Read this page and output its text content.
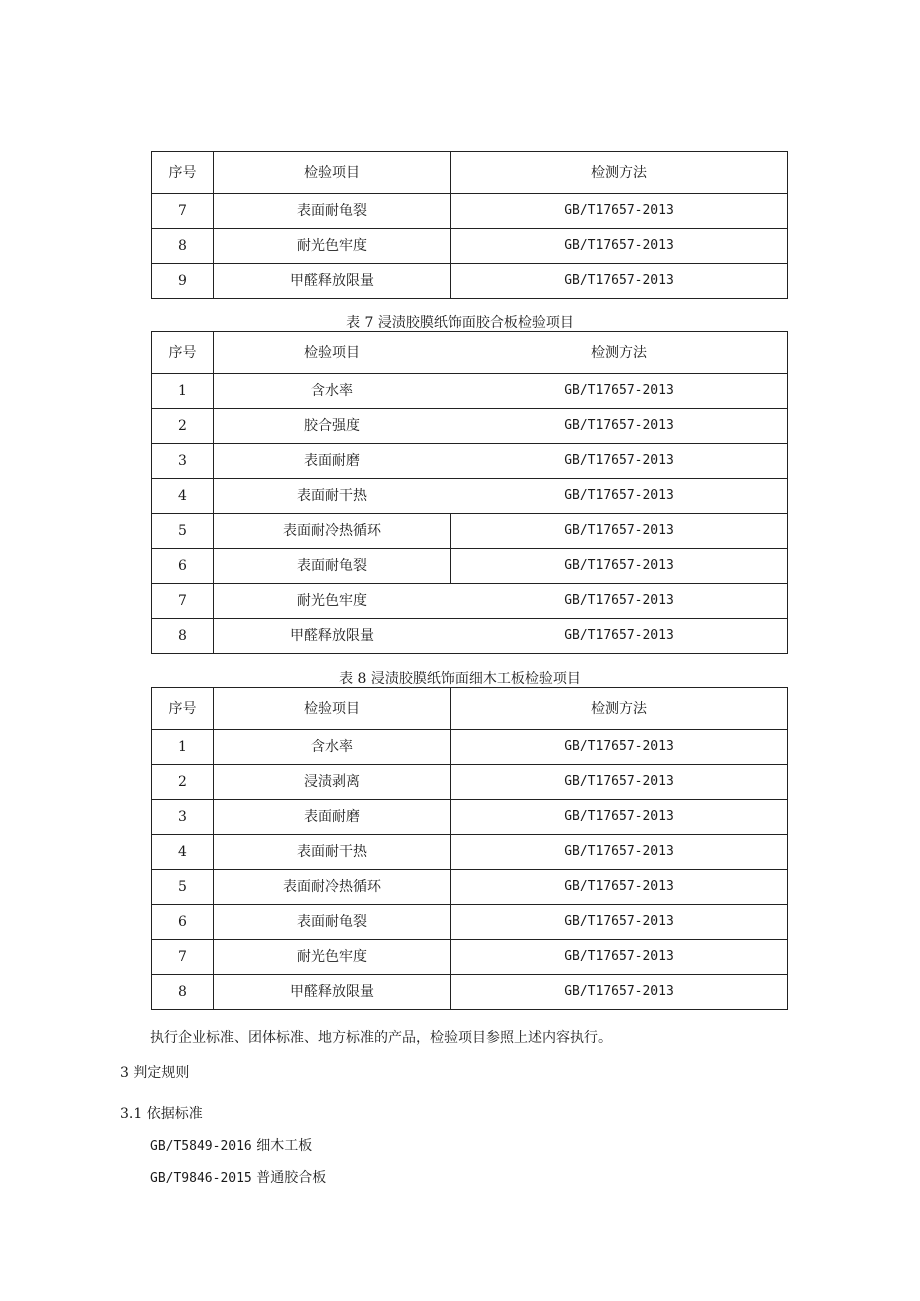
序号	检验项目	检测方法
7	表面耐龟裂	GB/T17657-2013
8	耐光色牢度	GB/T17657-2013
9	甲醛释放限量	GB/T17657-2013
表 7 浸渍胶膜纸饰面胶合板检验项目
序号	检验项目	检测方法
1	含水率	GB/T17657-2013
2	胶合强度	GB/T17657-2013
3	表面耐磨	GB/T17657-2013
4	表面耐干热	GB/T17657-2013
5	表面耐冷热循环	GB/T17657-2013
6	表面耐龟裂	GB/T17657-2013
7	耐光色牢度	GB/T17657-2013
8	甲醛释放限量	GB/T17657-2013
表 8 浸渍胶膜纸饰面细木工板检验项目
序号	检验项目	检测方法
1	含水率	GB/T17657-2013
2	浸渍剥离	GB/T17657-2013
3	表面耐磨	GB/T17657-2013
4	表面耐干热	GB/T17657-2013
5	表面耐冷热循环	GB/T17657-2013
6	表面耐龟裂	GB/T17657-2013
7	耐光色牢度	GB/T17657-2013
8	甲醛释放限量	GB/T17657-2013
执行企业标准、团体标准、地方标准的产品，检验项目参照上述内容执行。
3 判定规则
3.1 依据标准
GB/T5849-2016 细木工板
GB/T9846-2015 普通胶合板
